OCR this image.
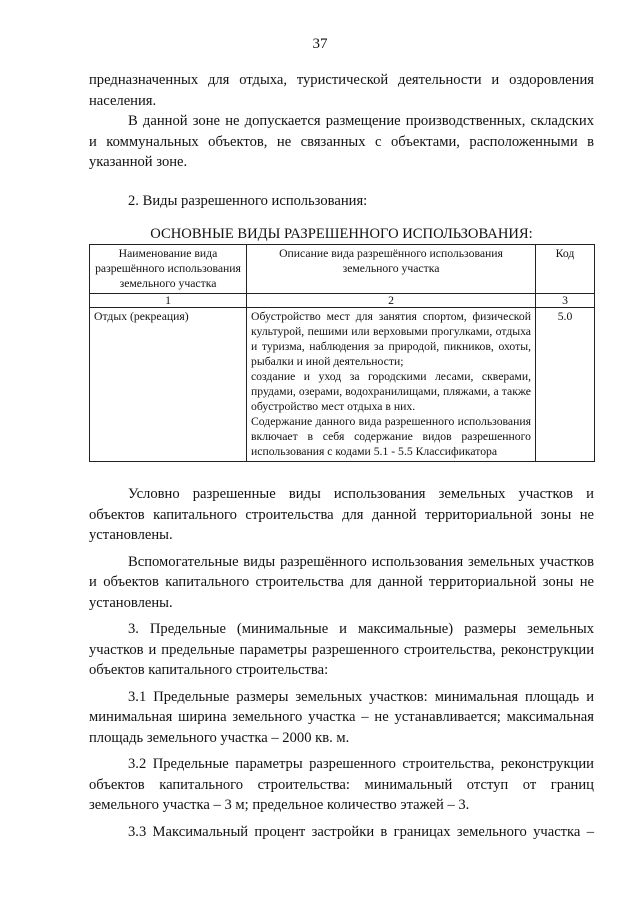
37

предназначенных для отдыха, туристической деятельности и оздоровления населения.

В данной зоне не допускается размещение производственных, складских и коммунальных объектов, не связанных с объектами, расположенными в указанной зоне.

2. Виды разрешенного использования:

ОСНОВНЫЕ ВИДЫ РАЗРЕШЕННОГО ИСПОЛЬЗОВАНИЯ:
Наименование вида разрешённого использования земельного участка	Описание вида разрешённого использования земельного участка	Код
1	2	3
Отдых (рекреация)	Обустройство мест для занятия спортом, физической культурой, пешими или верховыми прогулками, отдыха и туризма, наблюдения за природой, пикников, охоты, рыбалки и иной деятельности;
создание и уход за городскими лесами, скверами, прудами, озерами, водохранилищами, пляжами, а также обустройство мест отдыха в них.
Содержание данного вида разрешенного использования включает в себя содержание видов разрешенного использования с кодами 5.1 - 5.5 Классификатора	5.0

Условно разрешенные виды использования земельных участков и объектов капитального строительства для данной территориальной зоны не установлены.

Вспомогательные виды разрешённого использования земельных участков и объектов капитального строительства для данной территориальной зоны не установлены.

3. Предельные (минимальные и максимальные) размеры земельных участков и предельные параметры разрешенного строительства, реконструкции объектов капитального строительства:

3.1 Предельные размеры земельных участков: минимальная площадь и минимальная ширина земельного участка – не устанавливается; максимальная площадь земельного участка – 2000 кв. м.

3.2 Предельные параметры разрешенного строительства, реконструкции объектов капитального строительства: минимальный отступ от границ земельного участка – 3 м; предельное количество этажей – 3.

3.3 Максимальный процент застройки в границах земельного участка –
